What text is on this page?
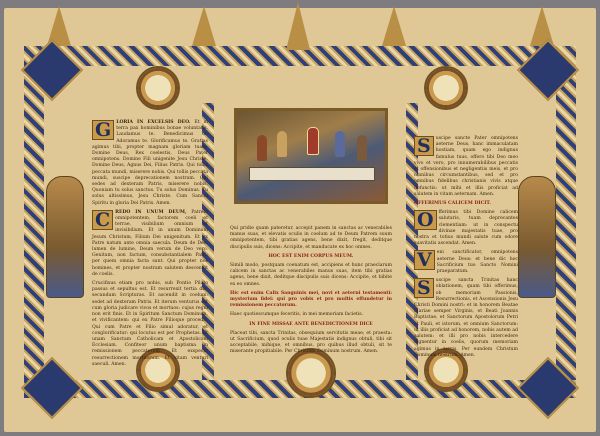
G	LORIA IN EXCELSIS DEO. Et in terra pax hominibus bonae voluntatis. Laudamus te. Benedicimus te. Adoramus te. Glorificamus te. Gratias agimus tibi, propter magnam gloriam tuam. Domine Deus, Rex coelestis, Deus Pater omnipotens. Domine Fili unigenite Jesu Christe. Domine Deus, Agnus Dei, Filius Patris. Qui tollis peccata mundi, miserere nobis. Qui tollis peccata mundi, suscipe deprecationem nostram. Qui sedes ad dexteram Patris, miserere nobis. Quoniam tu solus sanctus. Tu solus Dominus. Tu solus altissimus, Jesu Christe. Cum Sancto Spiritu in gloria Dei Patris. Amen.

C	REDO IN UNUM DEUM, Patrem omnipotentem, factorem coeli et terrae, visibilium omnium et invisibilium. Et in unum Dominum Jesum Christum, Filium Dei unigenitum. Et ex Patre natum ante omnia saecula. Deum de Deo, lumen de lumine, Deum verum de Deo vero. Genitum, non factum, consubstantialem Patri: per quem omnia facta sunt. Qui propter nos homines, et propter nostram salutem descendit de coelis.

Crucifixus etiam pro nobis, sub Pontio Pilato passus et sepultus est. Et resurrexit tertia die, secundum Scripturas. Et ascendit in coelum: sedet ad dexteram Patris. Et iterum venturus est cum gloria judicare vivos et mortuos: cujus regni non erit finis. Et in Spiritum Sanctum Dominum, et vivificantem: qui ex Patre Filioque procedit. Qui cum Patre et Filio simul adoratur, et conglorificatur: qui locutus est per Prophetas. Et unam Sanctam Catholicam et Apostolicam Ecclesiam. Confiteor unum baptisma in remissionem peccatorum. Et exspecto resurrectionem mortuorum. Et vitam venturi saeculi. Amen.

Qui pridie quam pateretur, accepit panem in sanctas ac venerabiles manus suas, et elevatis oculis in coelum ad te Deum Patrem suum omnipotentem, tibi gratias agens, bene dixit, fregit, deditque discipulis suis, dicens: Accipite, et manducate ex hoc omnes.

HOC EST ENIM CORPUS MEUM.

Simili modo, postquam coenatum est, accipiens et hunc praeclarum calicem in sanctas ac venerabiles manus suas, item tibi gratias agens, bene dixit, deditque discipulis suis dicens: Accipite, et bibite ex eo omnes.

Hic est enim Calix Sanguinis mei, novi et aeterni testamenti: mysterium fidei: qui pro vobis et pro multis effundetur in remissionem peccatorum.

Haec quotiescumque feceritis, in mei memoriam facietis.

IN FINE MISSAE ANTE BENEDICTIONEM DICE

Placeat tibi, sancta Trinitas, obsequium servitutis meae; et praesta: ut Sacrificium, quod oculis tuae Majestatis indignus obtuli, tibi sit acceptabile, mihique, et omnibus, pro quibus illud obtuli, sit te miserante propitiabile. Per Christum Dominum nostrum. Amen.

S	uscipe sancte Pater omnipotens aeterne Deus, hanc immaculatam hostiam, quam ego indignus famulus tuus, offero tibi Deo meo vivo et vero, pro innumerabilibus peccatis et offensionibus et negligentiis meis, et pro omnibus circumstantibus, sed et pro omnibus fidelibus christianis vivis atque defunctis: ut mihi et illis proficiat ad salutem in vitam aeternam. Amen.

OFFERIMUS CALICEM DICIT.

O	fferimus tibi Domine calicem salutaris, tuam deprecantes clementiam: ut in conspectu divinae majestatis tuae, pro nostra et totius mundi salute cum odore suavitatis ascendat. Amen.

V	eni sanctificator, omnipotens aeterne Deus: et bene dic hoc Sacrificium tuo Sancto Nomini praeparatum.

S	uscipe sancta Trinitas hanc oblationem, quam tibi offerimus, ob memoriam Passionis, Resurrectionis, et Ascensionis Jesu Christi Domini nostri: et in honorem Beatae Mariae semper Virginis, et Beati Joannis Baptistae, et Sanctorum Apostolorum Petri et Pauli, et istorum, et omnium Sanctorum: ut illis proficiat ad honorem, nobis autem ad salutem: et illi pro nobis intercedere dignentur in coelis, quorum memoriam agimus in terris. Per eundem Christum Dominum nostrum. Amen.
